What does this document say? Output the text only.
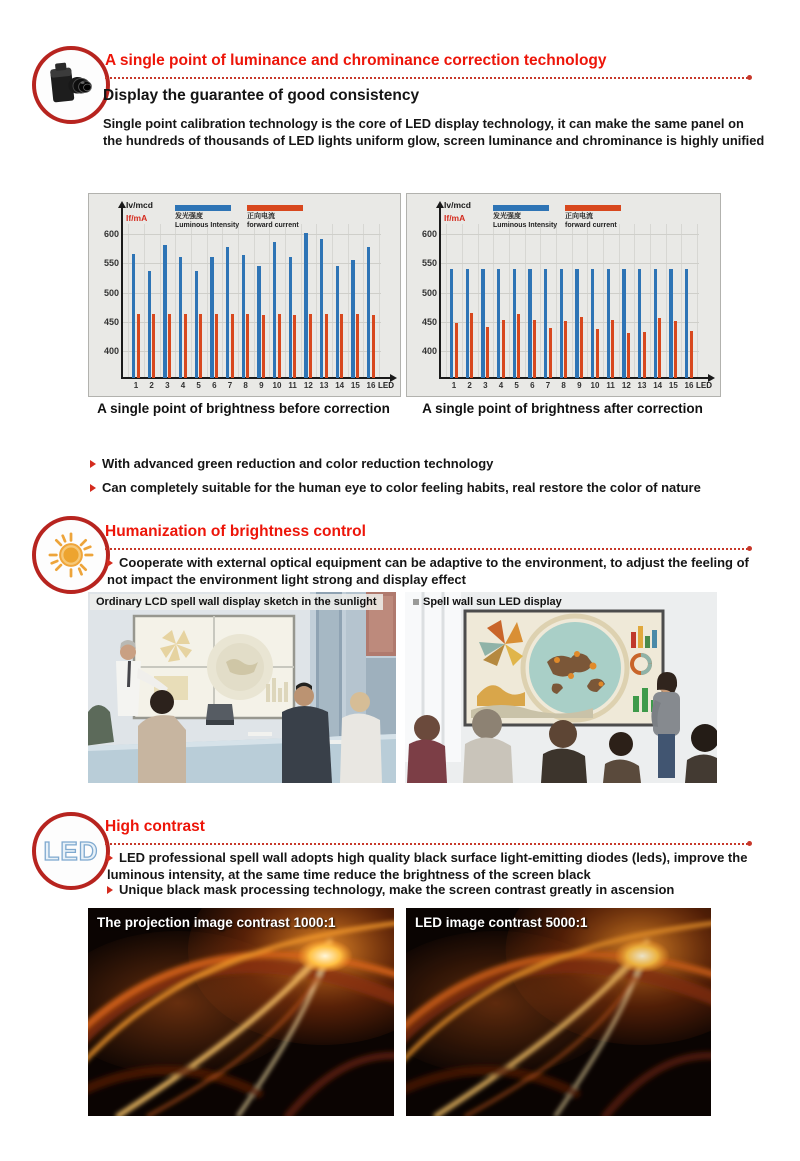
A single point of luminance and chrominance correction technology
Display the guarantee of good consistency
Single point calibration technology is the core of LED display technology, it can make the same panel on the hundreds of thousands of LED lights uniform glow, screen luminance and chrominance is highly unified
600
550
500
450
400
1	2	3	4	5	6	7	8	9	10 11 12 13 14 15 16 LED
Iv/mcd
If/mA	发光强度
Luminous Intensity
正向电流
forward current
600
550
500
450
400
1	2	3	4	5	6	7	8	9	10 11 12 13 14 15 16 LED
Iv/mcd
If/mA	发光强度
Luminous Intensity
正向电流
forward current
A single point of brightness before correction	A single point of brightness after correction
With advanced green reduction and color reduction technology
Can completely suitable for the human eye to color feeling habits, real restore the color of nature
Humanization of brightness control
Cooperate with external optical equipment can be adaptive to the environment, to adjust the feeling of not impact the environment light strong and display effect
Ordinary LCD spell wall display sketch in the sunlight	Spell wall sun LED display
LED
High contrast
LED professional spell wall adopts high quality black surface light-emitting diodes (leds), improve the luminous intensity, at the same time reduce the brightness of the screen black
Unique black mask processing technology, make the screen contrast greatly in ascension
The projection image contrast 1000:1	LED image contrast 5000:1
